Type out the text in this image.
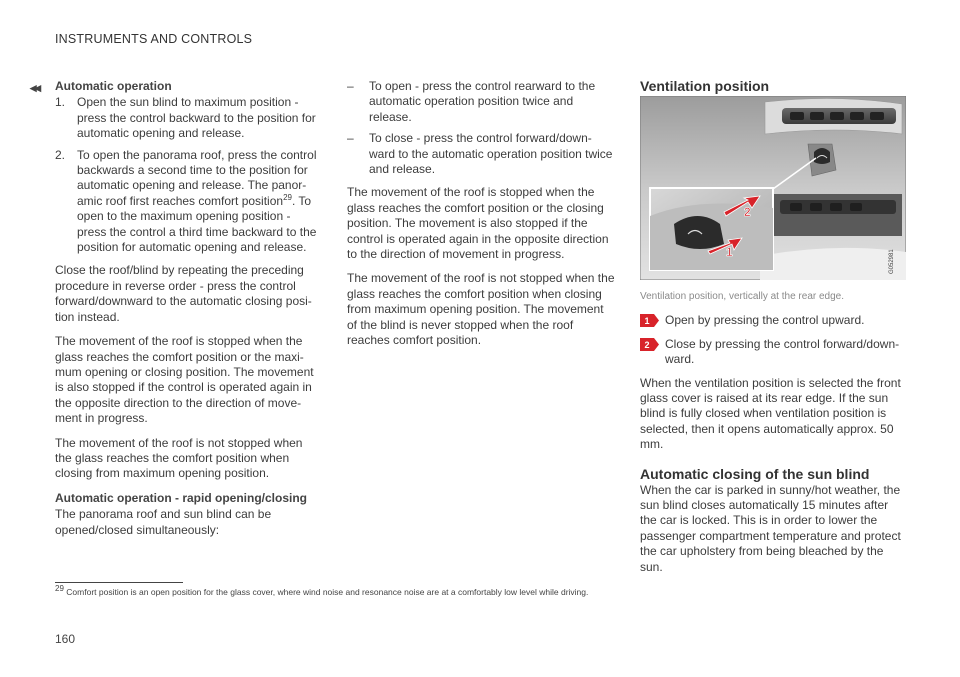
INSTRUMENTS AND CONTROLS
◂◂ Automatic operation
1. Open the sun blind to maximum position - press the control backward to the position for automatic opening and release.
2. To open the panorama roof, press the control backwards a second time to the position for automatic opening and release. The panor-amic roof first reaches comfort position$^{29}$. To open to the maximum opening position - press the control a third time backward to the position for automatic opening and release.

Close the roof/blind by repeating the preceding procedure in reverse order - press the control forward/downward to the automatic closing posi-tion instead.

The movement of the roof is stopped when the glass reaches the comfort position or the maxi-mum opening or closing position. The movement is also stopped if the control is operated again in the opposite direction to the direction of move-ment in progress.

The movement of the roof is not stopped when the glass reaches the comfort position when closing from maximum opening position.

Automatic operation - rapid opening/closing

The panorama roof and sun blind can be opened/closed simultaneously:

– To open - press the control rearward to the automatic operation position twice and release.
– To close - press the control forward/down-ward to the automatic operation position twice and release.

The movement of the roof is stopped when the glass reaches the comfort position or the closing position. The movement is also stopped if the control is operated again in the opposite direction to the direction of movement in progress.

The movement of the roof is not stopped when the glass reaches the comfort position when closing from maximum opening position. The movement of the blind is never stopped when the roof reaches comfort position.

Ventilation position
Ventilation position, vertically at the rear edge.
1 Open by pressing the control upward.
2 Close by pressing the control forward/down-ward.

When the ventilation position is selected the front glass cover is raised at its rear edge. If the sun blind is fully closed when ventilation position is selected, then it opens automatically approx. 50 mm.

Automatic closing of the sun blind

When the car is parked in sunny/hot weather, the sun blind closes automatically 15 minutes after the car is locked. This is in order to lower the passenger compartment temperature and protect the car upholstery from being bleached by the sun.

2
1	G052981
$^{29}$ Comfort position is an open position for the glass cover, where wind noise and resonance noise are at a comfortably low level while driving.
160
